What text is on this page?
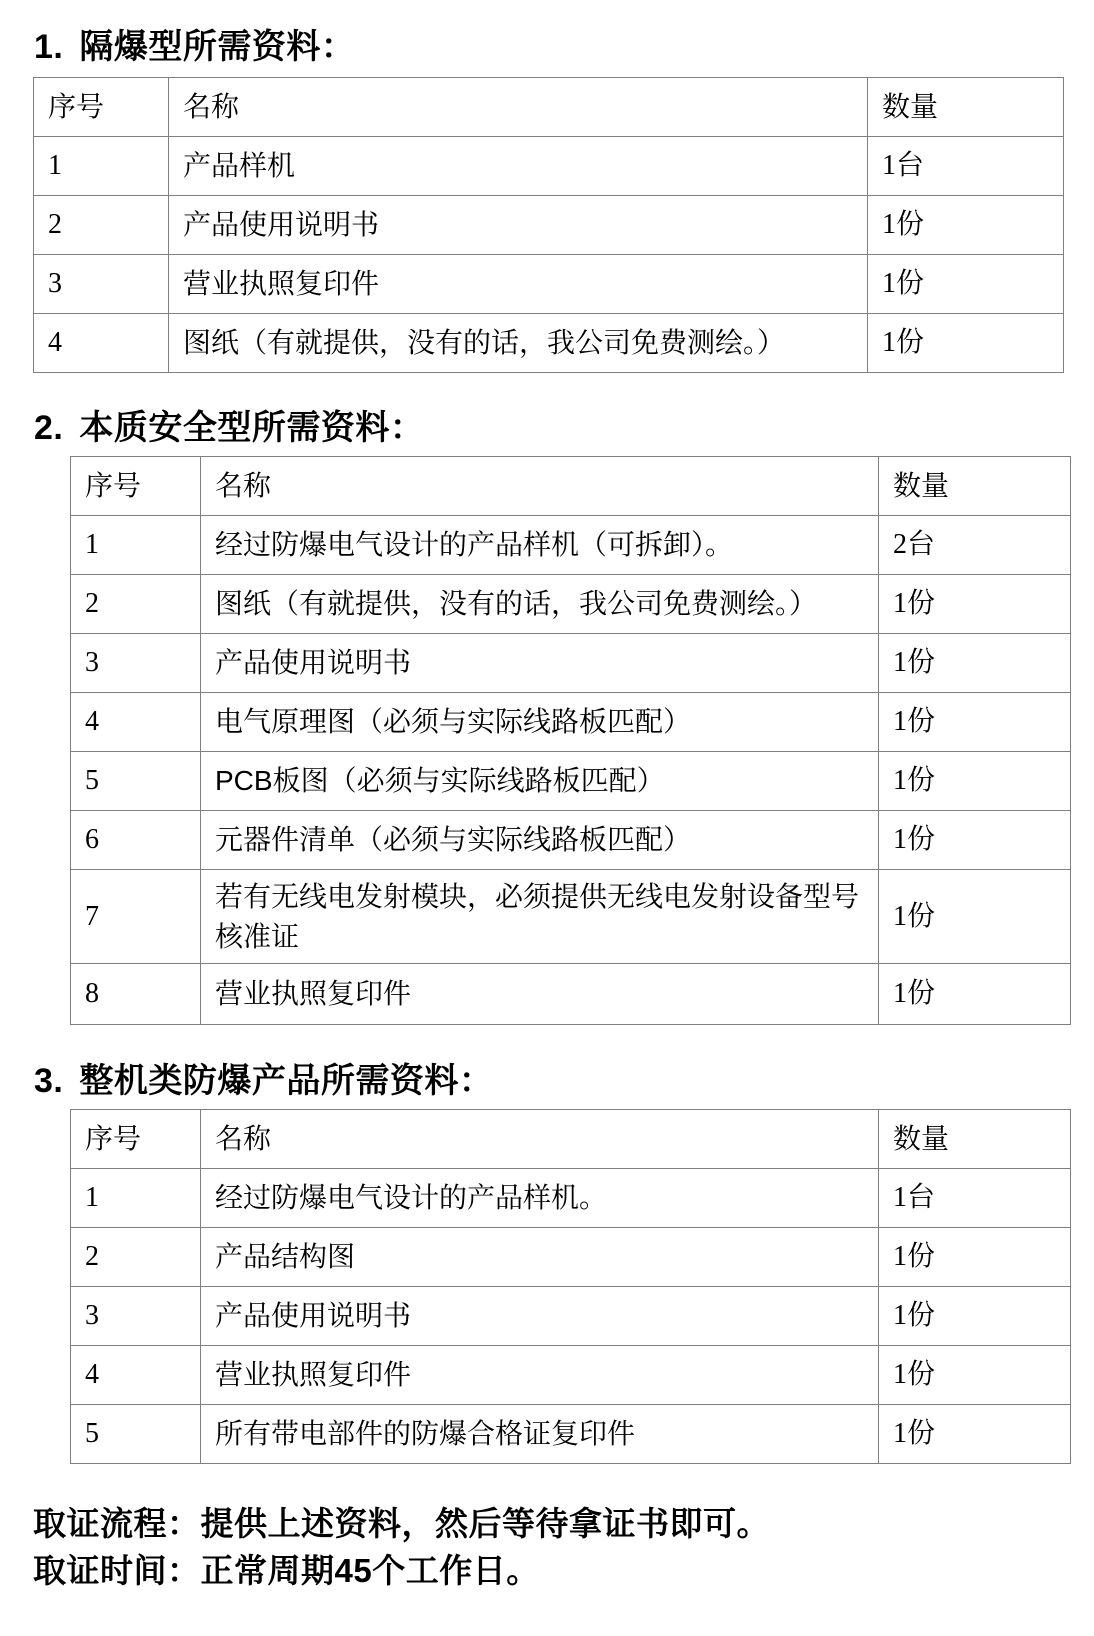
1. 隔爆型所需资料：
序号	名称	数量
1	产品样机	1台
2	产品使用说明书	1份
3	营业执照复印件	1份
4	图纸（有就提供，没有的话，我公司免费测绘。）	1份
2. 本质安全型所需资料：
序号	名称	数量
1	经过防爆电气设计的产品样机（可拆卸）。	2台
2	图纸（有就提供，没有的话，我公司免费测绘。）	1份
3	产品使用说明书	1份
4	电气原理图（必须与实际线路板匹配）	1份
5	PCB板图（必须与实际线路板匹配）	1份
6	元器件清单（必须与实际线路板匹配）	1份
7	若有无线电发射模块，必须提供无线电发射设备型号核准证	1份
8	营业执照复印件	1份
3. 整机类防爆产品所需资料：
序号	名称	数量
1	经过防爆电气设计的产品样机。	1台
2	产品结构图	1份
3	产品使用说明书	1份
4	营业执照复印件	1份
5	所有带电部件的防爆合格证复印件	1份
取证流程：提供上述资料，然后等待拿证书即可。
取证时间：正常周期45个工作日。
